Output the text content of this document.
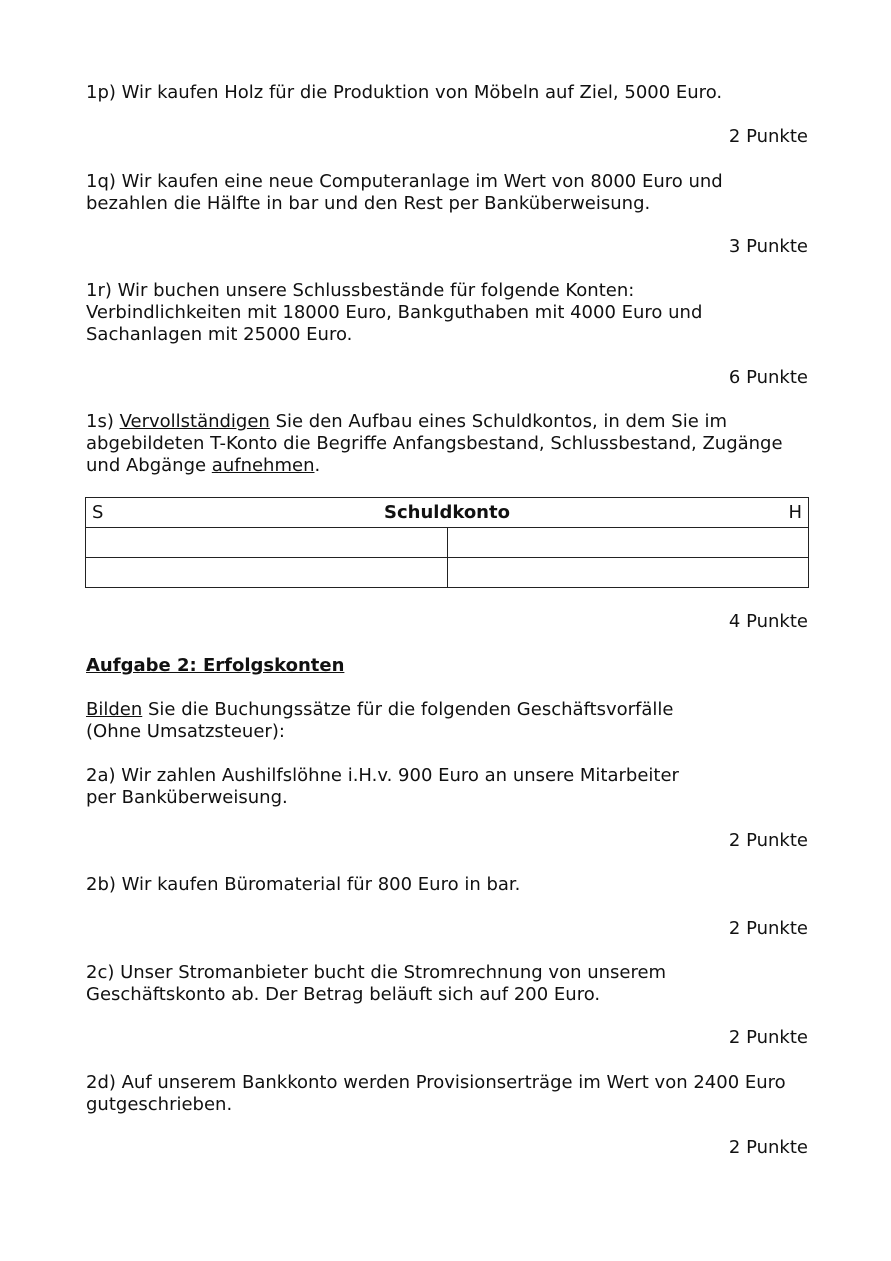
1p) Wir kaufen Holz für die Produktion von Möbeln auf Ziel, 5000 Euro.

2 Punkte

1q) Wir kaufen eine neue Computeranlage im Wert von 8000 Euro und
bezahlen die Hälfte in bar und den Rest per Banküberweisung.

3 Punkte

1r) Wir buchen unsere Schlussbestände für folgende Konten:
Verbindlichkeiten mit 18000 Euro, Bankguthaben mit 4000 Euro und
Sachanlagen mit 25000 Euro.

6 Punkte

1s) Vervollständigen Sie den Aufbau eines Schuldkontos, in dem Sie im
abgebildeten T-Konto die Begriffe Anfangsbestand, Schlussbestand, Zugänge
und Abgänge aufnehmen.
S Schuldkonto H	

4 Punkte

Aufgabe 2: Erfolgskonten

Bilden Sie die Buchungssätze für die folgenden Geschäftsvorfälle
(Ohne Umsatzsteuer):
2a) Wir zahlen Aushilfslöhne i.H.v. 900 Euro an unsere Mitarbeiter
per Banküberweisung.

2 Punkte

2b) Wir kaufen Büromaterial für 800 Euro in bar.

2 Punkte

2c) Unser Stromanbieter bucht die Stromrechnung von unserem
Geschäftskonto ab. Der Betrag beläuft sich auf 200 Euro.

2 Punkte

2d) Auf unserem Bankkonto werden Provisionserträge im Wert von 2400 Euro
gutgeschrieben.

2 Punkte
